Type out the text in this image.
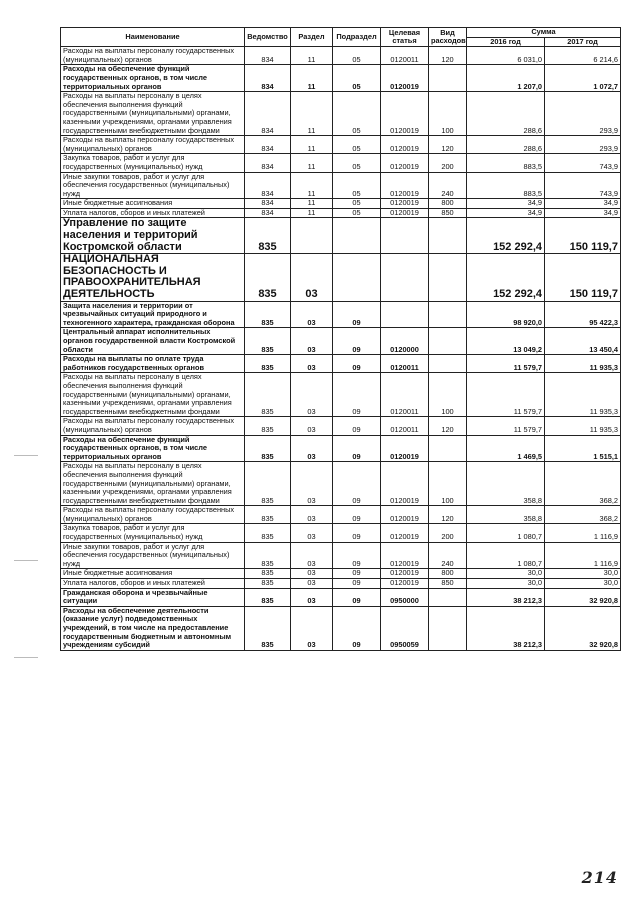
Наименование	Ведомство	Раздел	Подраздел	Целевая статья	Вид расходов	Сумма	
						2016 год	2017 год
Расходы на выплаты персоналу государственных (муниципальных) органов	834	11	05	0120011	120	6 031,0	6 214,6
Расходы на обеспечение функций государственных органов, в том числе территориальных органов	834	11	05	0120019		1 207,0	1 072,7
Расходы на выплаты персоналу в целях обеспечения выполнения функций государственными (муниципальными) органами, казенными учреждениями, органами управления государственными внебюджетными фондами	834	11	05	0120019	100	288,6	293,9
Расходы на выплаты персоналу государственных (муниципальных) органов	834	11	05	0120019	120	288,6	293,9
Закупка товаров, работ и услуг для государственных (муниципальных) нужд	834	11	05	0120019	200	883,5	743,9
Иные закупки товаров, работ и услуг для обеспечения государственных (муниципальных) нужд	834	11	05	0120019	240	883,5	743,9
Иные бюджетные ассигнования	834	11	05	0120019	800	34,9	34,9
Уплата налогов, сборов и иных платежей	834	11	05	0120019	850	34,9	34,9
Управление по защите населения и территорий Костромской области	835					152 292,4	150 119,7
НАЦИОНАЛЬНАЯ БЕЗОПАСНОСТЬ И ПРАВООХРАНИТЕЛЬНАЯ ДЕЯТЕЛЬНОСТЬ	835	03				152 292,4	150 119,7
Защита населения и территории от чрезвычайных ситуаций природного и техногенного характера, гражданская оборона	835	03	09			98 920,0	95 422,3
Центральный аппарат исполнительных органов государственной власти Костромской области	835	03	09	0120000		13 049,2	13 450,4
Расходы на выплаты по оплате труда работников государственных органов	835	03	09	0120011		11 579,7	11 935,3
Расходы на выплаты персоналу в целях обеспечения выполнения функций государственными (муниципальными) органами, казенными учреждениями, органами управления государственными внебюджетными фондами	835	03	09	0120011	100	11 579,7	11 935,3
Расходы на выплаты персоналу государственных (муниципальных) органов	835	03	09	0120011	120	11 579,7	11 935,3
Расходы на обеспечение функций государственных органов, в том числе территориальных органов	835	03	09	0120019		1 469,5	1 515,1
Расходы на выплаты персоналу в целях обеспечения выполнения функций государственными (муниципальными) органами, казенными учреждениями, органами управления государственными внебюджетными фондами	835	03	09	0120019	100	358,8	368,2
Расходы на выплаты персоналу государственных (муниципальных) органов	835	03	09	0120019	120	358,8	368,2
Закупка товаров, работ и услуг для государственных (муниципальных) нужд	835	03	09	0120019	200	1 080,7	1 116,9
Иные закупки товаров, работ и услуг для обеспечения государственных (муниципальных) нужд	835	03	09	0120019	240	1 080,7	1 116,9
Иные бюджетные ассигнования	835	03	09	0120019	800	30,0	30,0
Уплата налогов, сборов и иных платежей	835	03	09	0120019	850	30,0	30,0
Гражданская оборона и чрезвычайные ситуации	835	03	09	0950000		38 212,3	32 920,8
Расходы на обеспечение деятельности (оказание услуг) подведомственных учреждений, в том числе на предоставление государственным бюджетным и автономным учреждениям субсидий	835	03	09	0950059		38 212,3	32 920,8
214
